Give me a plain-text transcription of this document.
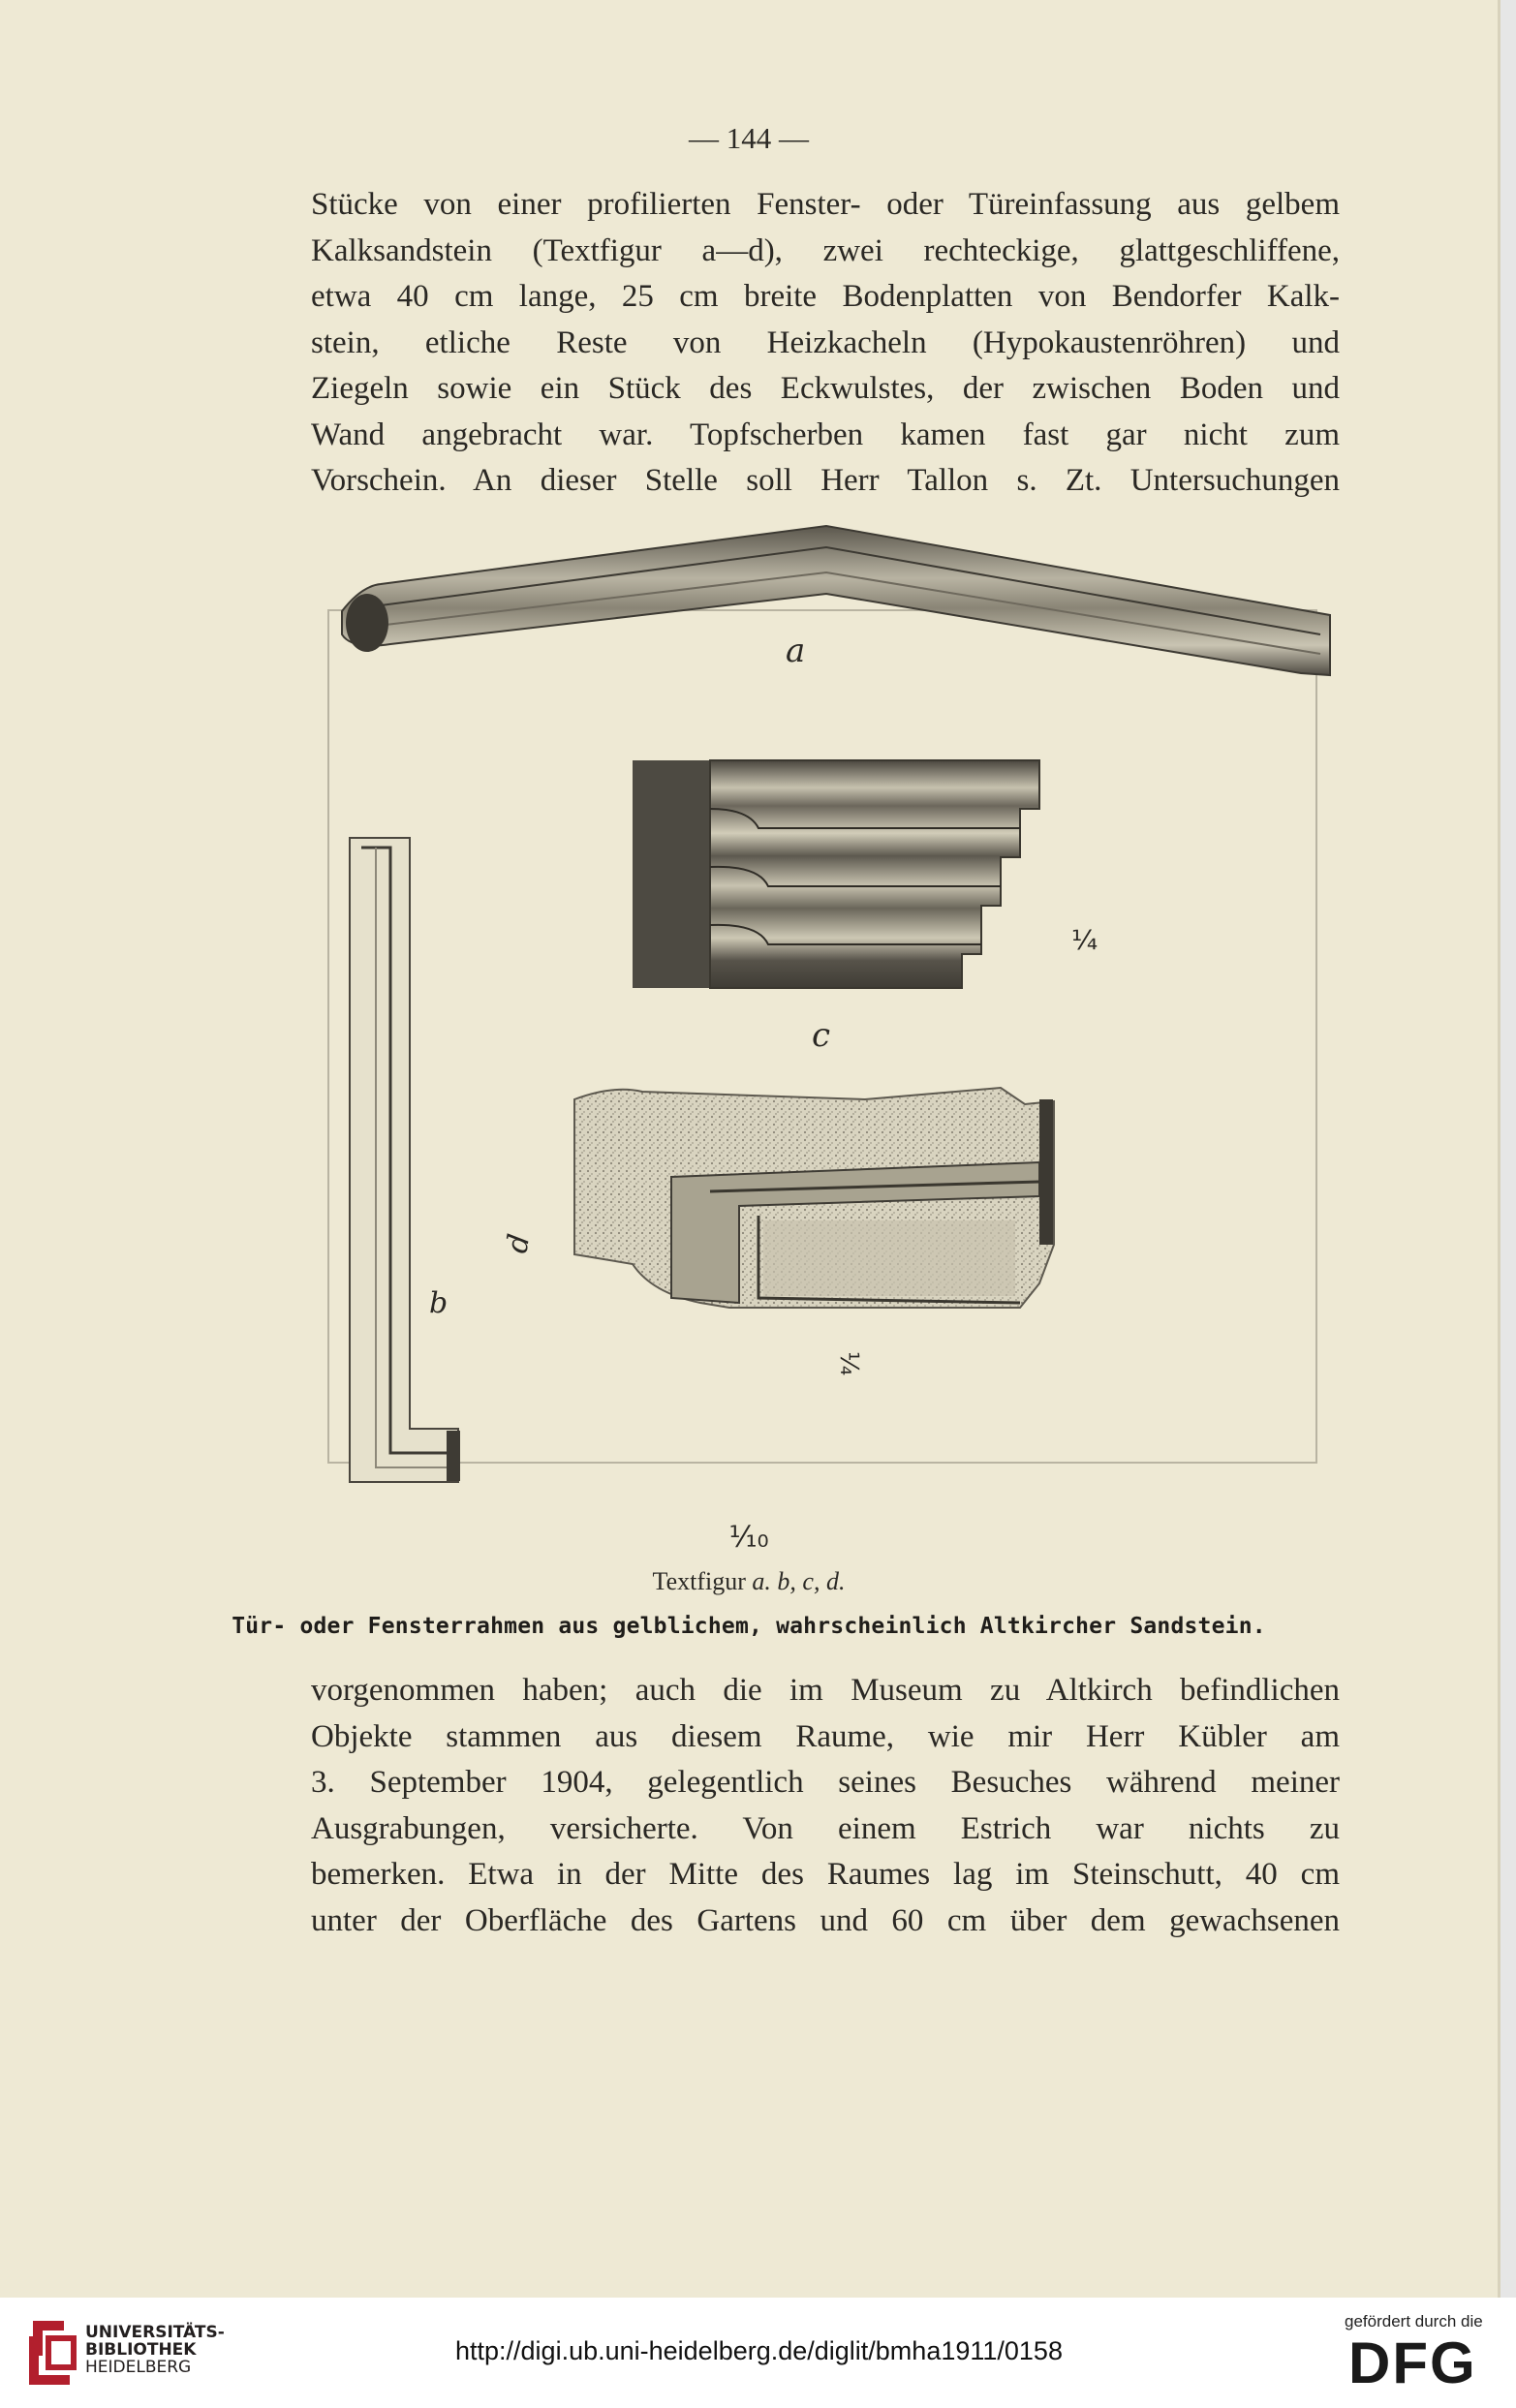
— 144 —
Stücke von einer profilierten Fenster- oder Türeinfassung aus gelbem
Kalksandstein (Textfigur a—d), zwei rechteckige, glattgeschliffene,
etwa 40 cm lange, 25 cm breite Bodenplatten von Bendorfer Kalk-
stein, etliche Reste von Heizkacheln (Hypokaustenröhren) und
Ziegeln sowie ein Stück des Eckwulstes, der zwischen Boden und
Wand angebracht war. Topfscherben kamen fast gar nicht zum
Vorschein. An dieser Stelle soll Herr Tallon s. Zt. Untersuchungen
a
b
¼
c
d
¼
⅒
Textfigur a. b, c, d.
Tür- oder Fensterrahmen aus gelblichem, wahrscheinlich Altkircher Sandstein.
vorgenommen haben; auch die im Museum zu Altkirch befindlichen
Objekte stammen aus diesem Raume, wie mir Herr Kübler am
3. September 1904, gelegentlich seines Besuches während meiner
Ausgrabungen, versicherte. Von einem Estrich war nichts zu
bemerken. Etwa in der Mitte des Raumes lag im Steinschutt, 40 cm
unter der Oberfläche des Gartens und 60 cm über dem gewachsenen
UNIVERSITÄTS-
BIBLIOTHEK
HEIDELBERG
http://digi.ub.uni-heidelberg.de/diglit/bmha1911/0158
gefördert durch die
DFG
